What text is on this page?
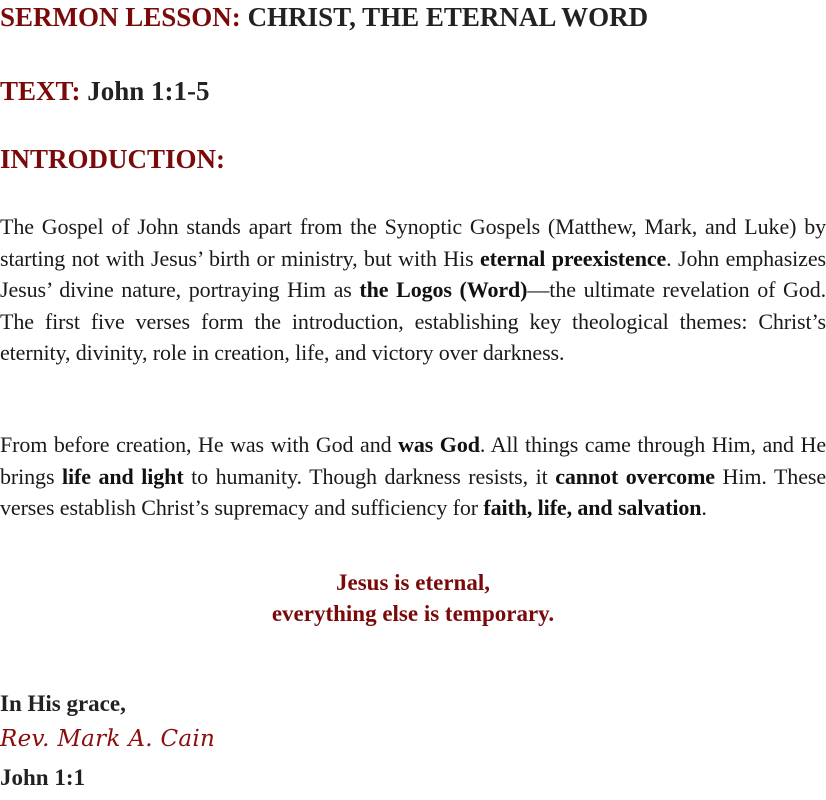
SERMON LESSON: CHRIST, THE ETERNAL WORD
TEXT: John 1:1-5
INTRODUCTION:

The Gospel of John stands apart from the Synoptic Gospels (Matthew, Mark, and Luke) by starting not with Jesus’ birth or ministry, but with His eternal preexistence. John emphasizes Jesus’ divine nature, portraying Him as the Logos (Word)—the ultimate revelation of God. The first five verses form the introduction, establishing key theological themes: Christ’s eternity, divinity, role in creation, life, and victory over darkness.

From before creation, He was with God and was God. All things came through Him, and He brings life and light to humanity. Though darkness resists, it cannot overcome Him. These verses establish Christ’s supremacy and sufficiency for faith, life, and salvation.

Jesus is eternal,
everything else is temporary.
In His grace,
Rev. Mark A. Cain
John 1:1
